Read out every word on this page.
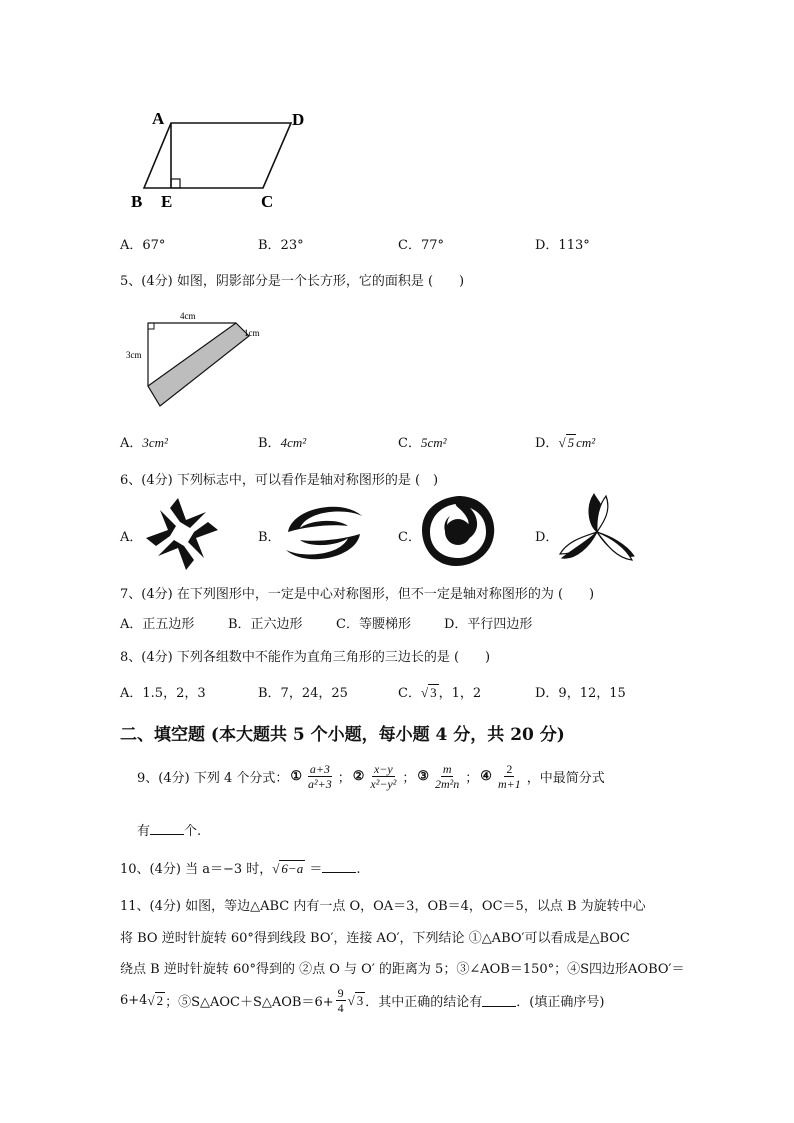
A	D
B E	C
A．67°	B．23°	C．77°	D．113°
5、(4分) 如图，阴影部分是一个长方形，它的面积是 (　　)
4cm
3cm
1cm
A．3cm²	B．4cm²	C．5cm²	D．√ 5 cm²
6、(4分) 下列标志中，可以看作是轴对称图形的是 (　)
A．	B．	C．	D．
7、(4分) 在下列图形中，一定是中心对称图形，但不一定是轴对称图形的为 (　　)
A．正五边形	B．正六边形	C．等腰梯形	D．平行四边形
8、(4分) 下列各组数中不能作为直角三角形的三边长的是 (　　)
A．1.5，2，3	B．7，24，25	C．√ 3 ，1，2	D．9，12，15
二、填空题 (本大题共 5 个小题，每小题 4 分，共 20 分)
9、(4分) 下列 4 个分式： ① $\frac{a+3}{\text{a²+3}}$ ； ② $\frac{x-y}{\text{x²−y²}}$ ； ③ $\frac{m}{\text{2m²n}}$ ； ④ $\frac{2}{m+1}$ ，中最简分式
有	个.
10、(4分) 当 a＝−3 时，√ 6−a ＝	.
11、(4分) 如图，等边△ABC 内有一点 O，OA＝3，OB＝4，OC＝5，以点 B 为旋转中心
将 BO 逆时针旋转 60°得到线段 BO′，连接 AO′，下列结论 ①△ABO′可以看成是△BOC
绕点 B 逆时针旋转 60°得到的 ②点 O 与 O′ 的距离为 5；③∠AOB＝150°；④S四边形AOBO′＝
6+4 √ 2 ；⑤S△AOC＋S△AOB＝6+ $\frac{9}{4}$ √ 3 ．其中正确的结论有	．(填正确序号)
